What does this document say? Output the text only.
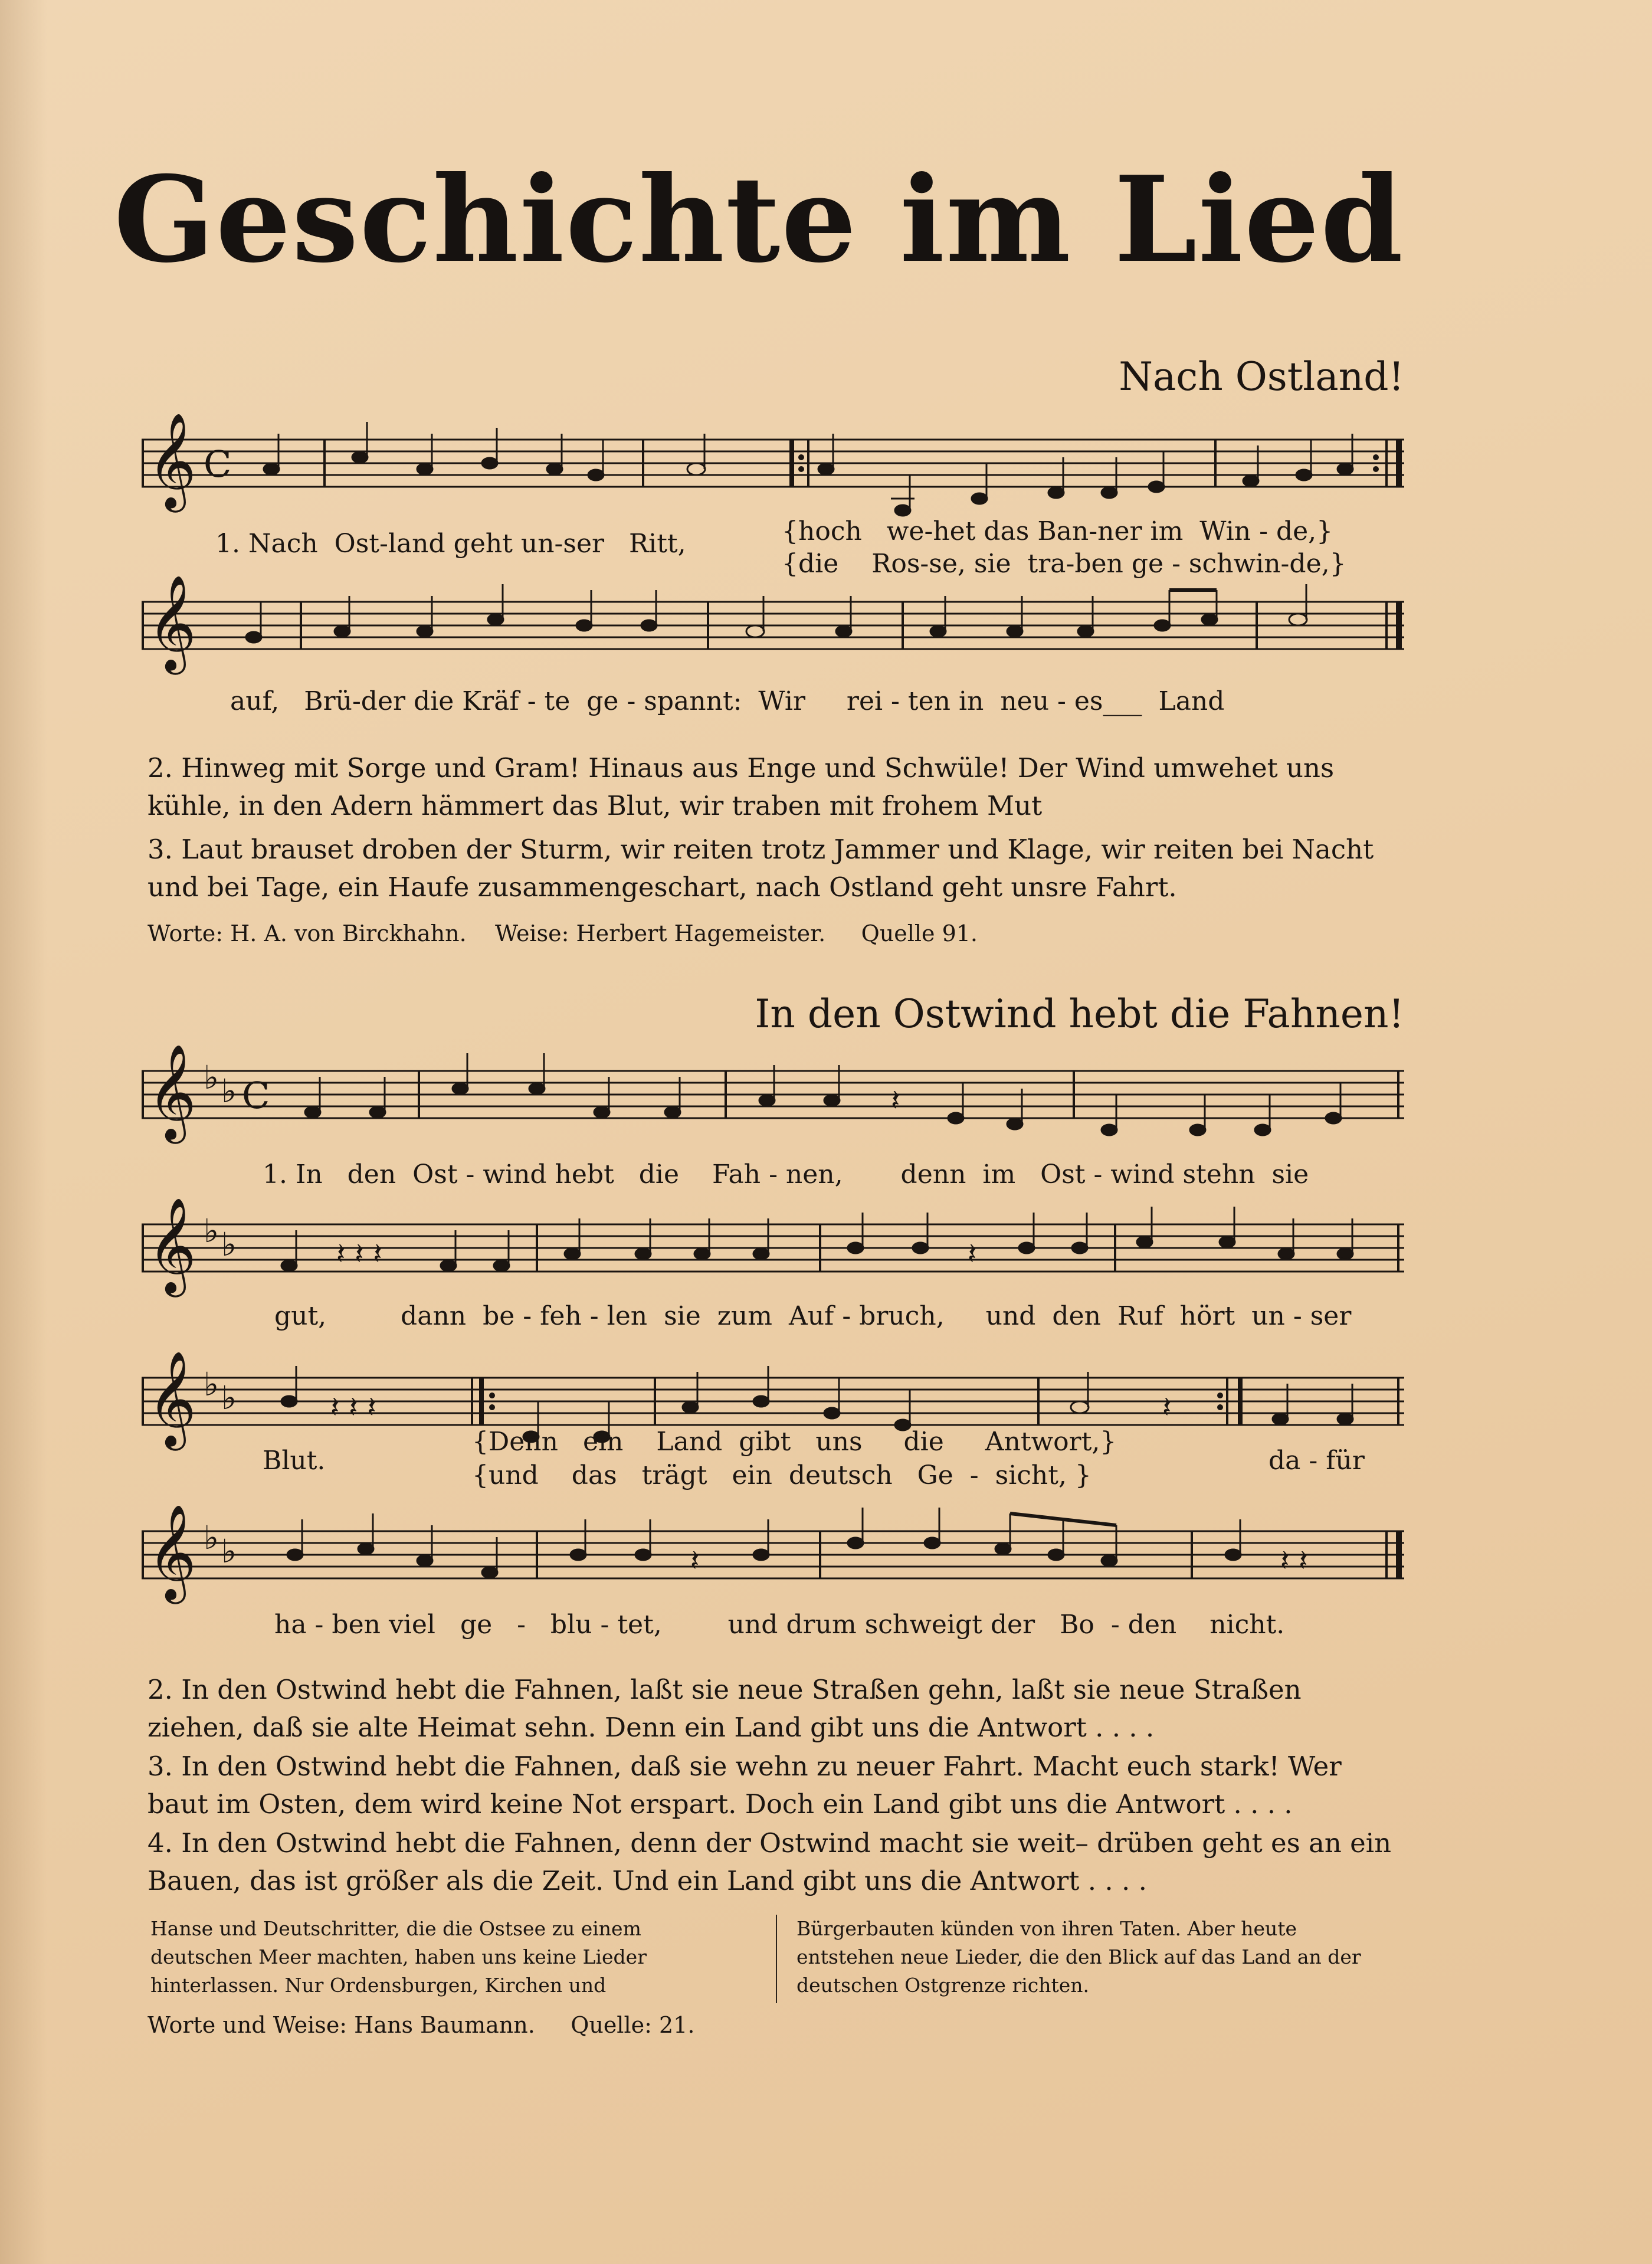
Geschichte im Lied
Nach Ostland!
𝄞 C
1. Nach  Ost-land geht un-ser   Ritt,	{hoch   we-het das Ban-ner im  Win - de,}
{die    Ros-se, sie  tra-ben ge - schwin-de,}
𝄞
auf,   Brü-der die Kräf - te  ge - spannt:  Wir     rei - ten in  neu - es___  Land
2. Hinweg mit Sorge und Gram! Hinaus aus Enge und Schwüle! Der Wind umwehet uns kühle, in den Adern hämmert das Blut, wir traben mit frohem Mut
3. Laut brauset droben der Sturm, wir reiten trotz Jammer und Klage, wir reiten bei Nacht und bei Tage, ein Haufe zusammengeschart, nach Ostland geht unsre Fahrt.
Worte: H. A. von Birckhahn.    Weise: Herbert Hagemeister.     Quelle 91.
In den Ostwind hebt die Fahnen!
𝄞 ♭ ♭ C	𝄽
1. In   den  Ost - wind hebt   die    Fah - nen,       denn  im   Ost - wind stehn  sie
𝄞 ♭ ♭	𝄽 𝄽 𝄽	𝄽
gut,         dann  be - feh - len  sie  zum  Auf - bruch,     und  den  Ruf  hört  un - ser
𝄞 ♭ ♭	𝄽 𝄽 𝄽	𝄽
Blut.
{Denn   ein    Land  gibt   uns     die     Antwort,}
{und    das   trägt   ein  deutsch   Ge  -  sicht, }	da - für
𝄞 ♭ ♭	𝄽	𝄽 𝄽
ha - ben viel   ge   -   blu - tet,        und drum schweigt der   Bo  - den    nicht.
2. In den Ostwind hebt die Fahnen, laßt sie neue Straßen gehn, laßt sie neue Straßen ziehen, daß sie alte Heimat sehn. Denn ein Land gibt uns die Antwort . . . .
3. In den Ostwind hebt die Fahnen, daß sie wehn zu neuer Fahrt. Macht euch stark! Wer baut im Osten, dem wird keine Not erspart. Doch ein Land gibt uns die Antwort . . . .
4. In den Ostwind hebt die Fahnen, denn der Ostwind macht sie weit– drüben geht es an ein Bauen, das ist größer als die Zeit. Und ein Land gibt uns die Antwort . . . .
Hanse und Deutschritter, die die Ostsee zu einem deutschen Meer machten, haben uns keine Lieder hinterlassen. Nur Ordensburgen, Kirchen und
Bürgerbauten künden von ihren Taten. Aber heute entstehen neue Lieder, die den Blick auf das Land an der deutschen Ostgrenze richten.
Worte und Weise: Hans Baumann.     Quelle: 21.
